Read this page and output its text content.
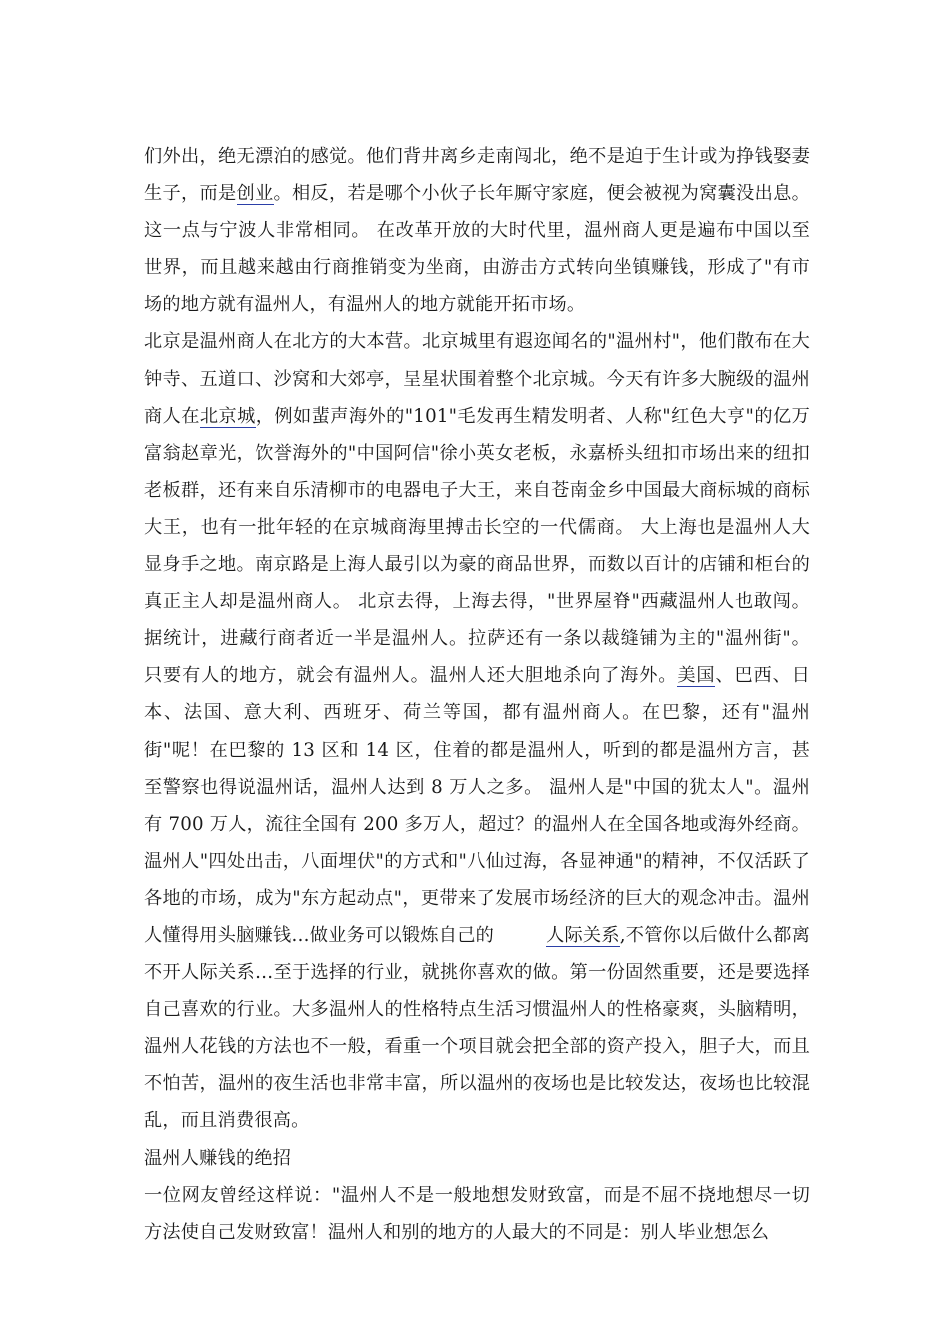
们外出，绝无漂泊的感觉。他们背井离乡走南闯北，绝不是迫于生计或为挣钱娶妻生子，而是创业。相反，若是哪个小伙子长年厮守家庭，便会被视为窝囊没出息。这一点与宁波人非常相同。 在改革开放的大时代里，温州商人更是遍布中国以至世界，而且越来越由行商推销变为坐商，由游击方式转向坐镇赚钱，形成了"有市场的地方就有温州人，有温州人的地方就能开拓市场。

北京是温州商人在北方的大本营。北京城里有遐迩闻名的"温州村"，他们散布在大钟寺、五道口、沙窝和大郊亭，呈星状围着整个北京城。今天有许多大腕级的温州商人在北京城，例如蜚声海外的"101"毛发再生精发明者、人称"红色大亨"的亿万富翁赵章光，饮誉海外的"中国阿信"徐小英女老板，永嘉桥头纽扣市场出来的纽扣老板群，还有来自乐清柳市的电器电子大王，来自苍南金乡中国最大商标城的商标大王，也有一批年轻的在京城商海里搏击长空的一代儒商。 大上海也是温州人大显身手之地。南京路是上海人最引以为豪的商品世界，而数以百计的店铺和柜台的真正主人却是温州商人。 北京去得，上海去得，"世界屋脊"西藏温州人也敢闯。据统计，进藏行商者近一半是温州人。拉萨还有一条以裁缝铺为主的"温州街"。 只要有人的地方，就会有温州人。温州人还大胆地杀向了海外。美国、巴西、日本、法国、意大利、西班牙、荷兰等国，都有温州商人。在巴黎，还有"温州街"呢！在巴黎的 13 区和 14 区，住着的都是温州人，听到的都是温州方言，甚至警察也得说温州话，温州人达到 8 万人之多。 温州人是"中国的犹太人"。温州有 700 万人，流往全国有 200 多万人，超过？的温州人在全国各地或海外经商。 温州人"四处出击，八面埋伏"的方式和"八仙过海，各显神通"的精神，不仅活跃了各地的市场，成为"东方起动点"，更带来了发展市场经济的巨大的观念冲击。温州人懂得用头脑赚钱…做业务可以锻炼自己的	人际关系,不管你以后做什么都离不开人际关系…至于选择的行业，就挑你喜欢的做。第一份固然重要，还是要选择自己喜欢的行业。大多温州人的性格特点生活习惯温州人的性格豪爽，头脑精明，温州人花钱的方法也不一般，看重一个项目就会把全部的资产投入，胆子大，而且不怕苦，温州的夜生活也非常丰富，所以温州的夜场也是比较发达，夜场也比较混乱，而且消费很高。

温州人赚钱的绝招

一位网友曾经这样说："温州人不是一般地想发财致富，而是不屈不挠地想尽一切方法使自己发财致富！温州人和别的地方的人最大的不同是：别人毕业想怎么
